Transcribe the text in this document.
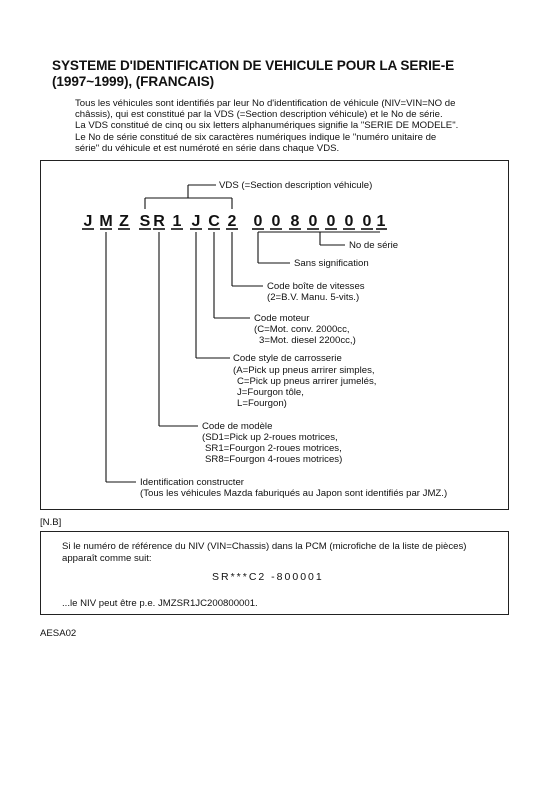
SYSTEME D'IDENTIFICATION DE VEHICULE POUR LA SERIE-E
(1997~1999), (FRANCAIS)
Tous les véhicules sont identifiés par leur No d'identification de véhicule (NIV=VIN=NO de
châssis), qui est constitué par la VDS (=Section description véhicule) et le No de série.
La VDS constitué de cinq ou six letters alphanumériques signifie la "SERIE DE MODELE".
Le No de série constitué de six caractères numériques indique le "numéro unitaire de
série" du véhicule et est numéroté en série dans chaque VDS.
J M Z S R 1 J C 2 0 0 8 0 0 0 0 1
VDS (=Section description véhicule)
No de série
Sans signification
Code boîte de vitesses
(2=B.V. Manu. 5-vits.)
Code moteur
(C=Mot. conv. 2000cc,
3=Mot. diesel 2200cc,)
Code style de carrosserie
(A=Pick up pneus arrirer simples,
C=Pick up pneus arrirer jumelés,
J=Fourgon tôle,
L=Fourgon)
Code de modèle
(SD1=Pick up 2-roues motrices,
SR1=Fourgon 2-roues motrices,
SR8=Fourgon 4-roues motrices)
Identification constructer
(Tous les véhicules Mazda faburiqués au Japon sont identifiés par JMZ.)
[N.B]
Si le numéro de référence du NIV (VIN=Chassis) dans la PCM (microfiche de la liste de pièces) apparaît comme suit:
SR***C2 -800001
...le NIV peut être p.e. JMZSR1JC200800001.
AESA02
